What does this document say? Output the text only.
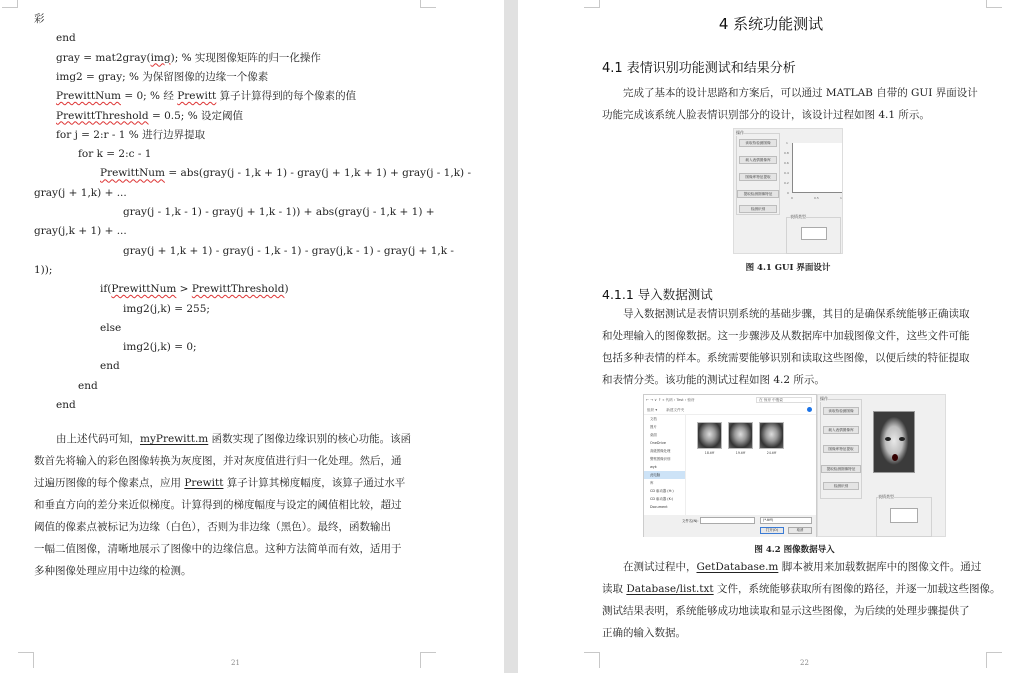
彩
end
gray = mat2gray(img); % 实现图像矩阵的归一化操作
img2 = gray; % 为保留图像的边缘一个像素
PrewittNum = 0; % 经 Prewitt 算子计算得到的每个像素的值
PrewittThreshold = 0.5; % 设定阈值
for j = 2:r - 1 % 进行边界提取
for k = 2:c - 1
PrewittNum = abs(gray(j - 1,k + 1) - gray(j + 1,k + 1) + gray(j - 1,k) -
gray(j + 1,k) + ...
gray(j - 1,k - 1) - gray(j + 1,k - 1)) + abs(gray(j - 1,k + 1) +
gray(j,k + 1) + ...
gray(j + 1,k + 1) - gray(j - 1,k - 1) - gray(j,k - 1) - gray(j + 1,k -
1));
if(PrewittNum > PrewittThreshold)
img2(j,k) = 255;
else
img2(j,k) = 0;
end
end
end
由上述代码可知，myPrewitt.m 函数实现了图像边缘识别的核心功能。该函
数首先将输入的彩色图像转换为灰度图，并对灰度值进行归一化处理。然后，通
过遍历图像的每个像素点，应用 Prewitt 算子计算其梯度幅度，该算子通过水平
和垂直方向的差分来近似梯度。计算得到的梯度幅度与设定的阈值相比较，超过
阈值的像素点被标记为边缘（白色），否则为非边缘（黑色）。最终，函数输出
一幅二值图像，清晰地展示了图像中的边缘信息。这种方法简单而有效，适用于
多种图像处理应用中边缘的检测。
21
4 系统功能测试
4.1 表情识别功能测试和结果分析
完成了基本的设计思路和方案后，可以通过 MATLAB 自带的 GUI 界面设计
功能完成该系统人脸表情识别部分的设计，该设计过程如图 4.1 所示。
4.1.1 导入数据测试
导入数据测试是表情识别系统的基础步骤，其目的是确保系统能够正确读取
和处理输入的图像数据。这一步骤涉及从数据库中加载图像文件，这些文件可能
包括多种表情的样本。系统需要能够识别和读取这些图像，以便后续的特征提取
和表情分类。该功能的测试过程如图 4.2 所示。
在测试过程中，GetDatabase.m 脚本被用来加载数据库中的图像文件。通过
读取 Database/list.txt 文件，系统能够获取所有图像的路径，并逐一加载这些图像。
测试结果表明，系统能够成功地读取和显示这些图像，为后续的处理步骤提供了
正确的输入数据。
22
操作
读取待检测图像
载入表情图像库
图像库特征提取
提取检测图像特征
检测识别
1
0.8
0.6
0.4
0.2
0
0	0.5	1
表情类型
图 4.1 GUI 界面设计
← → ∨ ↑ « 代码 › Test › 惊讶	在 惊讶 中搜索
组织 ▾	新建文件夹
文档
图片
桌面
OneDrive
高级图像处理
警察图像识别
wyk
此电脑
库
CD 驱动器 (H:)
CD 驱动器 (K:)
Document
18.tiff	19.tiff	24.tiff
文件名(N):	(*.tiff)
打开(O)	取消
操作
读取待检测图像
载入表情图像库
图像库特征提取
提取检测图像特征
检测识别
表情类型
图 4.2 图像数据导入
